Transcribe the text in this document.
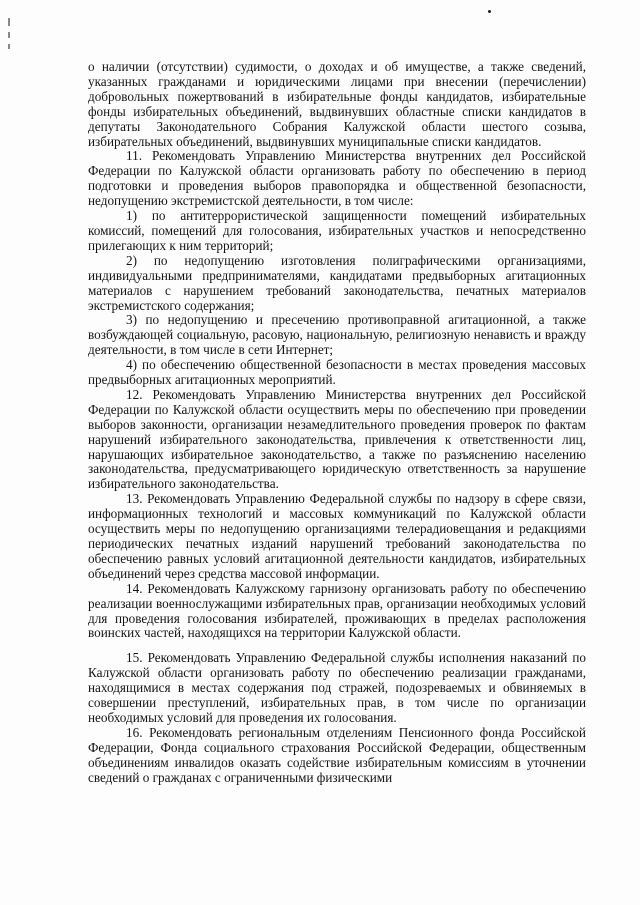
о наличии (отсутствии) судимости, о доходах и об имуществе, а также сведений, указанных гражданами и юридическими лицами при внесении (перечислении) добровольных пожертвований в избирательные фонды кандидатов, избирательные фонды избирательных объединений, выдвинувших областные списки кандидатов в депутаты Законодательного Собрания Калужской области шестого созыва, избирательных объединений, выдвинувших муниципальные списки кандидатов.

11. Рекомендовать Управлению Министерства внутренних дел Российской Федерации по Калужской области организовать работу по обеспечению в период подготовки и проведения выборов правопорядка и общественной безопасности, недопущению экстремистской деятельности, в том числе:

1) по антитеррористической защищенности помещений избирательных комиссий, помещений для голосования, избирательных участков и непосредственно прилегающих к ним территорий;

2) по недопущению изготовления полиграфическими организациями, индивидуальными предпринимателями, кандидатами предвыборных агитационных материалов с нарушением требований законодательства, печатных материалов экстремистского содержания;

3) по недопущению и пресечению противоправной агитационной, а также возбуждающей социальную, расовую, национальную, религиозную ненависть и вражду деятельности, в том числе в сети Интернет;

4) по обеспечению общественной безопасности в местах проведения массовых предвыборных агитационных мероприятий.

12. Рекомендовать Управлению Министерства внутренних дел Российской Федерации по Калужской области осуществить меры по обеспечению при проведении выборов законности, организации незамедлительного проведения проверок по фактам нарушений избирательного законодательства, привлечения к ответственности лиц, нарушающих избирательное законодательство, а также по разъяснению населению законодательства, предусматривающего юридическую ответственность за нарушение избирательного законодательства.

13. Рекомендовать Управлению Федеральной службы по надзору в сфере связи, информационных технологий и массовых коммуникаций по Калужской области осуществить меры по недопущению организациями телерадиовещания и редакциями периодических печатных изданий нарушений требований законодательства по обеспечению равных условий агитационной деятельности кандидатов, избирательных объединений через средства массовой информации.

14. Рекомендовать Калужскому гарнизону организовать работу по обеспечению реализации военнослужащими избирательных прав, организации необходимых условий для проведения голосования избирателей, проживающих в пределах расположения воинских частей, находящихся на территории Калужской области.

15. Рекомендовать Управлению Федеральной службы исполнения наказаний по Калужской области организовать работу по обеспечению реализации гражданами, находящимися в местах содержания под стражей, подозреваемых и обвиняемых в совершении преступлений, избирательных прав, в том числе по организации необходимых условий для проведения их голосования.

16. Рекомендовать региональным отделениям Пенсионного фонда Российской Федерации, Фонда социального страхования Российской Федерации, общественным объединениям инвалидов оказать содействие избирательным комиссиям в уточнении сведений о гражданах с ограниченными физическими
